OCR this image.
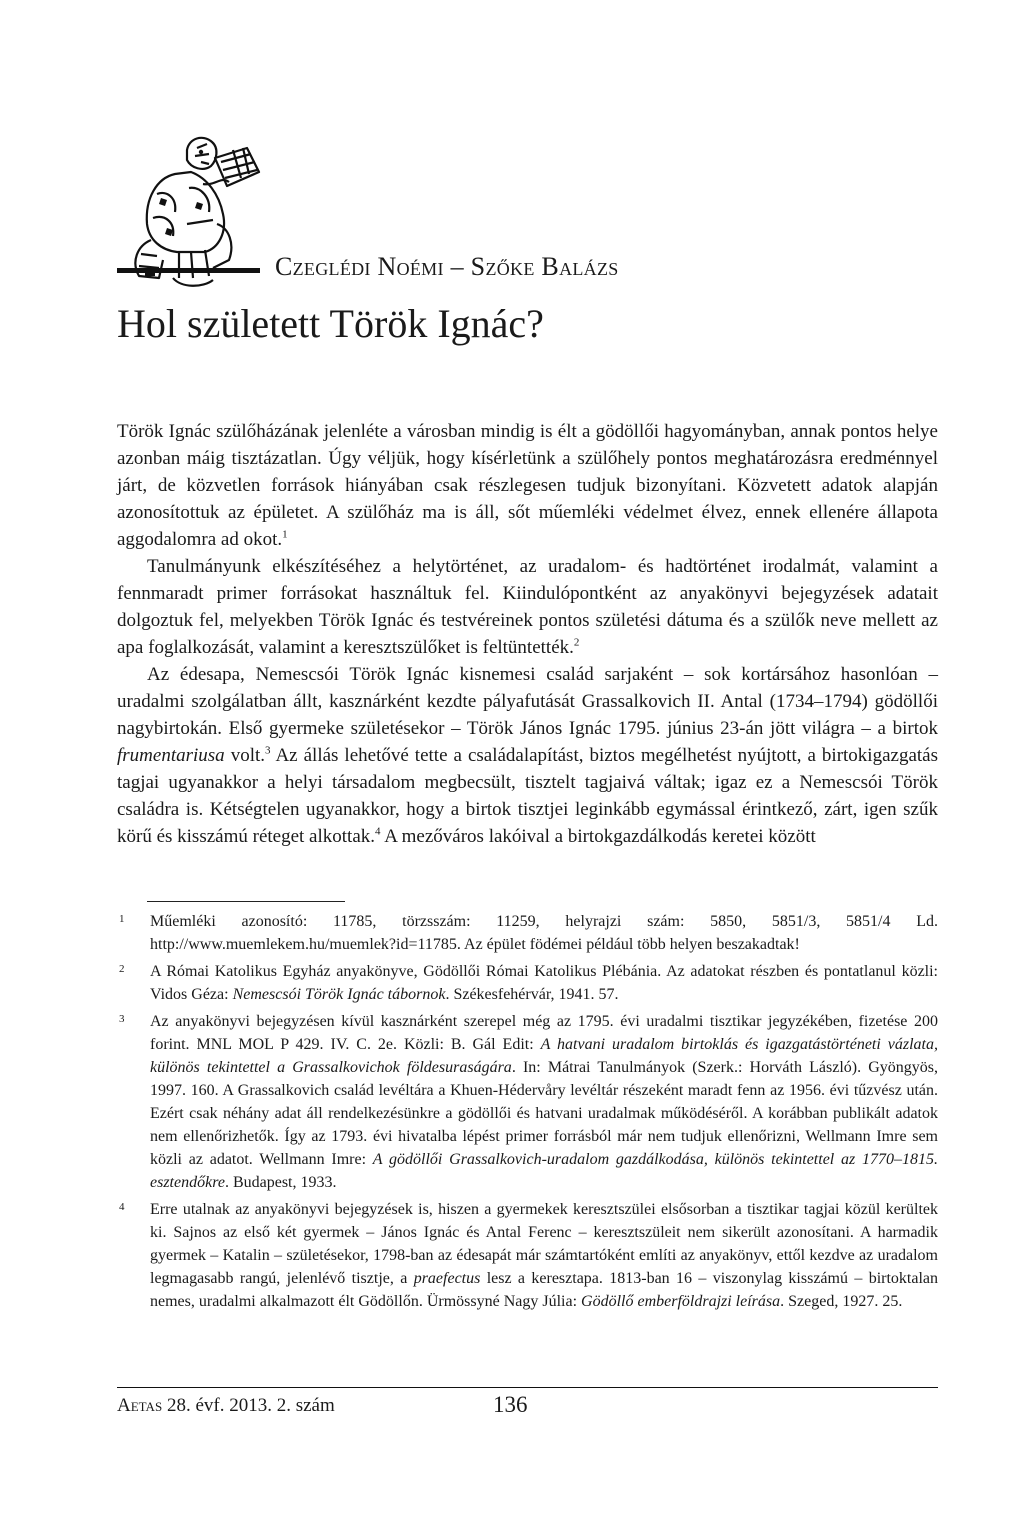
Czeglédi Noémi – Szőke Balázs
Hol született Török Ignác?

Török Ignác szülőházának jelenléte a városban mindig is élt a gödöllői hagyományban, annak pontos helye azonban máig tisztázatlan. Úgy véljük, hogy kísérletünk a szülőhely pontos meghatározásra eredménnyel járt, de közvetlen források hiányában csak részlegesen tudjuk bizonyítani. Közvetett adatok alapján azonosítottuk az épületet. A szülőház ma is áll, sőt műemléki védelmet élvez, ennek ellenére állapota aggodalomra ad okot.$^1$

Tanulmányunk elkészítéséhez a helytörténet, az uradalom- és hadtörténet irodalmát, valamint a fennmaradt primer forrásokat használtuk fel. Kiindulópontként az anyakönyvi bejegyzések adatait dolgoztuk fel, melyekben Török Ignác és testvéreinek pontos születési dátuma és a szülők neve mellett az apa foglalkozását, valamint a keresztszülőket is feltüntették.$^2$

Az édesapa, Nemescsói Török Ignác kisnemesi család sarjaként – sok kortársához hasonlóan – uradalmi szolgálatban állt, kasznárként kezdte pályafutását Grassalkovich II. Antal (1734–1794) gödöllői nagybirtokán. Első gyermeke születésekor – Török János Ignác 1795. június 23-án jött világra – a birtok frumentariusa volt.$^3$ Az állás lehetővé tette a családalapítást, biztos megélhetést nyújtott, a birtokigazgatás tagjai ugyanakkor a helyi társadalom megbecsült, tisztelt tagjaivá váltak; igaz ez a Nemescsói Török családra is. Kétségtelen ugyanakkor, hogy a birtok tisztjei leginkább egymással érintkező, zárt, igen szűk körű és kisszámú réteget alkottak.$^4$ A mezőváros lakóival a birtokgazdálkodás keretei között

1 Műemléki azonosító: 11785, törzsszám: 11259, helyrajzi szám: 5850, 5851/3, 5851/4 Ld. http://www.muemlekem.hu/muemlek?id=11785. Az épület födémei például több helyen beszakadtak!
2 A Római Katolikus Egyház anyakönyve, Gödöllői Római Katolikus Plébánia. Az adatokat részben és pontatlanul közli: Vidos Géza: Nemescsói Török Ignác tábornok. Székesfehérvár, 1941. 57.
3 Az anyakönyvi bejegyzésen kívül kasznárként szerepel még az 1795. évi uradalmi tisztikar jegyzékében, fizetése 200 forint. MNL MOL P 429. IV. C. 2e. Közli: B. Gál Edit: A hatvani uradalom birtoklás és igazgatástörténeti vázlata, különös tekintettel a Grassalkovichok földesuraságára. In: Mátrai Tanulmányok (Szerk.: Horváth László). Gyöngyös, 1997. 160. A Grassalkovich család levéltára a Khuen-Hédervåry levéltár részeként maradt fenn az 1956. évi tűzvész után. Ezért csak néhány adat áll rendelkezésünkre a gödöllői és hatvani uradalmak működéséről. A korábban publikált adatok nem ellenőrizhetők. Így az 1793. évi hivatalba lépést primer forrásból már nem tudjuk ellenőrizni, Wellmann Imre sem közli az adatot. Wellmann Imre: A gödöllői Grassalkovich-uradalom gazdálkodása, különös tekintettel az 1770–1815. esztendőkre. Budapest, 1933.
4 Erre utalnak az anyakönyvi bejegyzések is, hiszen a gyermekek keresztszülei elsősorban a tisztikar tagjai közül kerültek ki. Sajnos az első két gyermek – János Ignác és Antal Ferenc – keresztszüleit nem sikerült azonosítani. A harmadik gyermek – Katalin – születésekor, 1798-ban az édesapát már számtartóként említi az anyakönyv, ettől kezdve az uradalom legmagasabb rangú, jelenlévő tisztje, a praefectus lesz a keresztapa. 1813-ban 16 – viszonylag kisszámú – birtoktalan nemes, uradalmi alkalmazott élt Gödöllőn. Ürmössyné Nagy Júlia: Gödöllő emberföldrajzi leírása. Szeged, 1927. 25.
Aetas 28. évf. 2013. 2. szám	136
